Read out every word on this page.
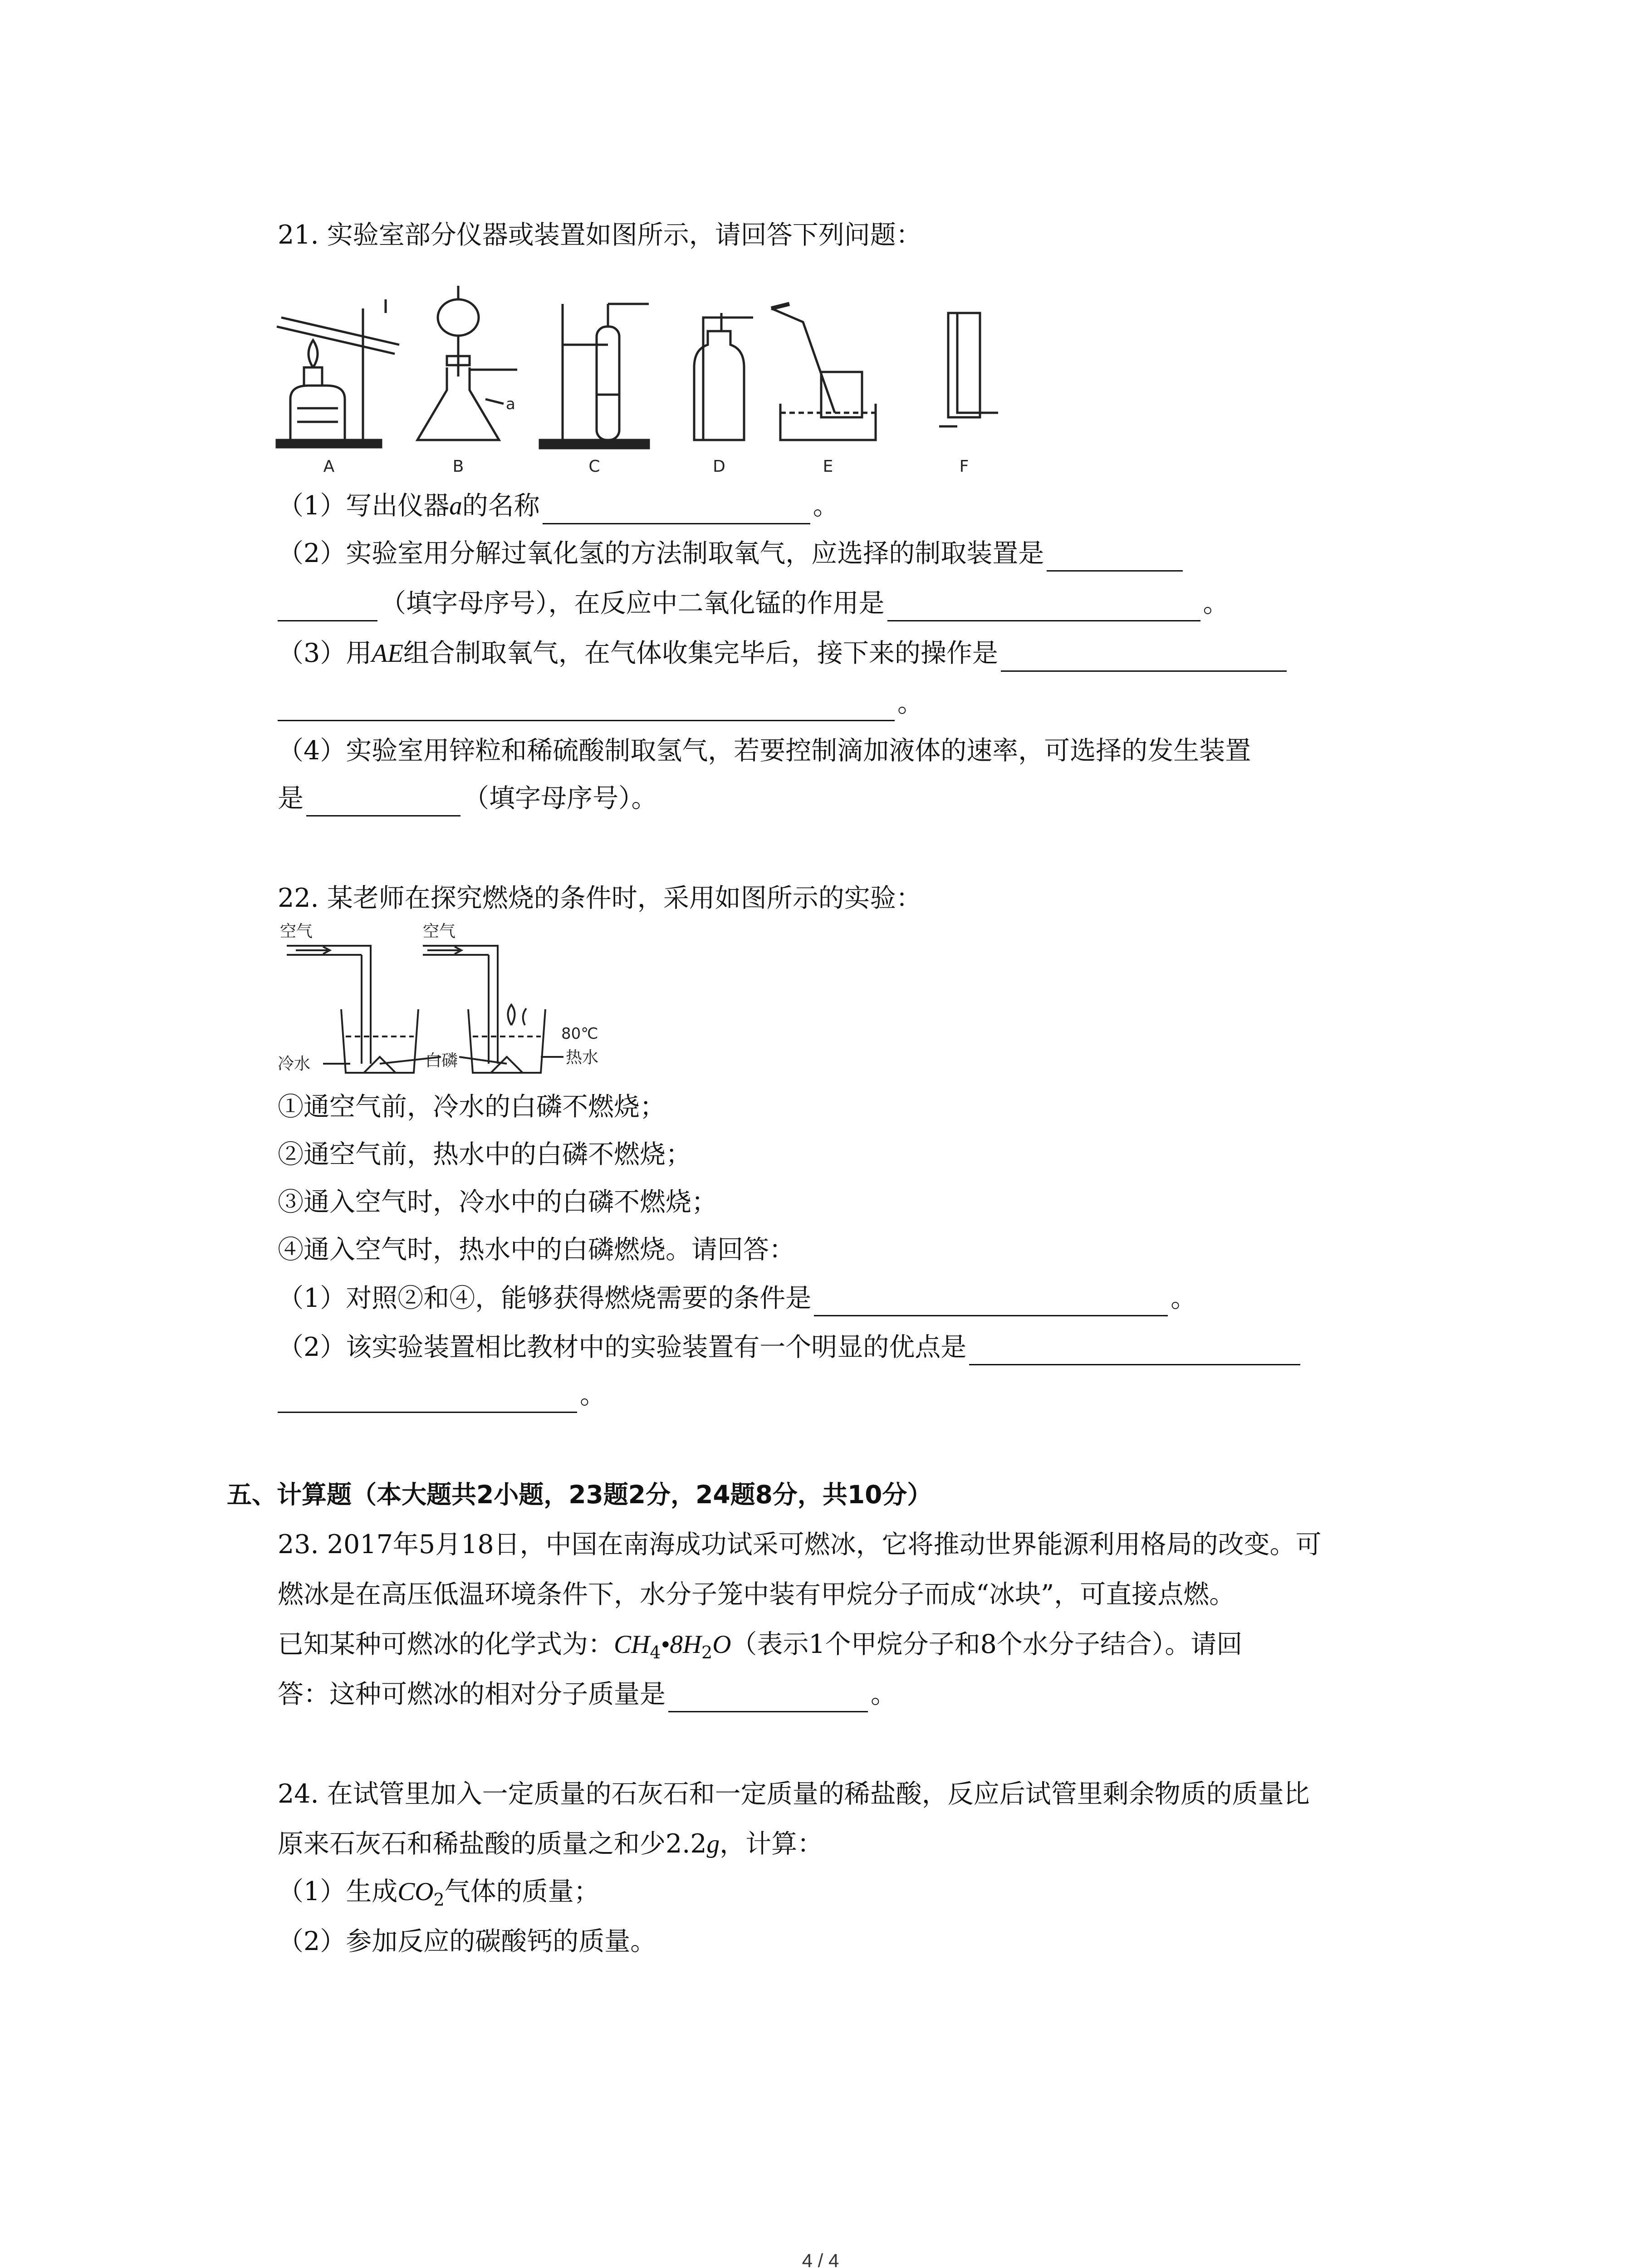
21. 实验室部分仪器或装置如图所示，请回答下列问题：
a
A	B	C	D	E	F
（1）写出仪器a的名称	。
（2）实验室用分解过氧化氢的方法制取氧气，应选择的制取装置是
（填字母序号），在反应中二氧化锰的作用是	。
（3）用AE组合制取氧气，在气体收集完毕后，接下来的操作是
。
（4）实验室用锌粒和稀硫酸制取氢气，若要控制滴加液体的速率，可选择的发生装置
是	（填字母序号）。
22. 某老师在探究燃烧的条件时，采用如图所示的实验：
空气	空气
冷水	白磷
80℃
热水
①通空气前，冷水的白磷不燃烧；
②通空气前，热水中的白磷不燃烧；
③通入空气时，冷水中的白磷不燃烧；
④通入空气时，热水中的白磷燃烧。请回答：
（1）对照②和④，能够获得燃烧需要的条件是	。
（2）该实验装置相比教材中的实验装置有一个明显的优点是
。
五、计算题（本大题共2小题，23题2分，24题8分，共10分）
23. 2017年5月18日，中国在南海成功试采可燃冰，它将推动世界能源利用格局的改变。可
燃冰是在高压低温环境条件下，水分子笼中装有甲烷分子而成“冰块”，可直接点燃。
已知某种可燃冰的化学式为：$CH_4•8H_2O$（表示1个甲烷分子和8个水分子结合）。请回
答：这种可燃冰的相对分子质量是	。
24. 在试管里加入一定质量的石灰石和一定质量的稀盐酸，反应后试管里剩余物质的质量比
原来石灰石和稀盐酸的质量之和少2.2g，计算：
（1）生成$CO_2$气体的质量；
（2）参加反应的碳酸钙的质量。
4 / 4
